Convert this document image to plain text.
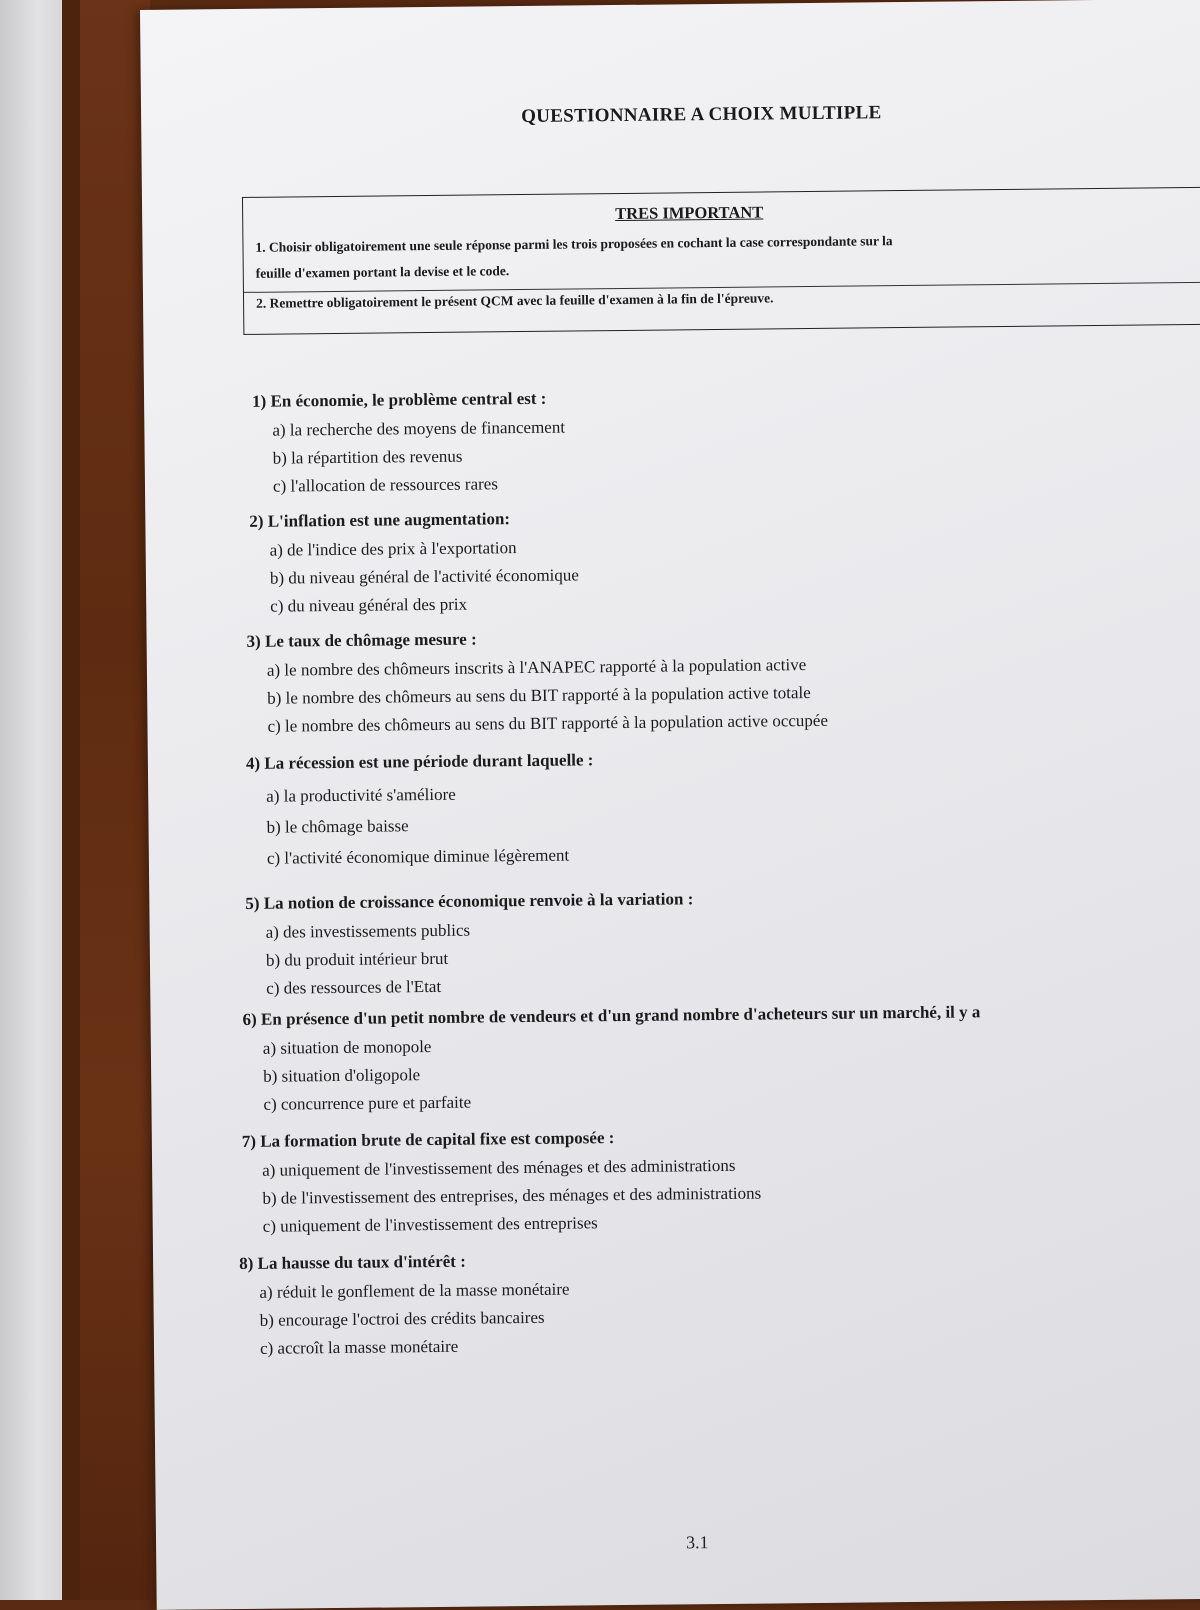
QUESTIONNAIRE A CHOIX MULTIPLE
TRES IMPORTANT
1. Choisir obligatoirement une seule réponse parmi les trois proposées en cochant la case correspondante sur la
feuille d'examen portant la devise et le code.
2. Remettre obligatoirement le présent QCM avec la feuille d'examen à la fin de l'épreuve.
1) En économie, le problème central est :
a) la recherche des moyens de financement
b) la répartition des revenus
c) l'allocation de ressources rares
2) L'inflation est une augmentation:
a) de l'indice des prix à l'exportation
b) du niveau général de l'activité économique
c) du niveau général des prix
3) Le taux de chômage mesure :
a) le nombre des chômeurs inscrits à l'ANAPEC rapporté à la population active
b) le nombre des chômeurs au sens du BIT rapporté à la population active totale
c) le nombre des chômeurs au sens du BIT rapporté à la population active occupée
4) La récession est une période durant laquelle :
a) la productivité s'améliore
b) le chômage baisse
c) l'activité économique diminue légèrement
5) La notion de croissance économique renvoie à la variation :
a) des investissements publics
b) du produit intérieur brut
c) des ressources de l'Etat
6) En présence d'un petit nombre de vendeurs et d'un grand nombre d'acheteurs sur un marché, il y a
a) situation de monopole
b) situation d'oligopole
c) concurrence pure et parfaite
7) La formation brute de capital fixe est composée :
a) uniquement de l'investissement des ménages et des administrations
b) de l'investissement des entreprises, des ménages et des administrations
c) uniquement de l'investissement des entreprises
8) La hausse du taux d'intérêt :
a) réduit le gonflement de la masse monétaire
b) encourage l'octroi des crédits bancaires
c) accroît la masse monétaire
3.1
